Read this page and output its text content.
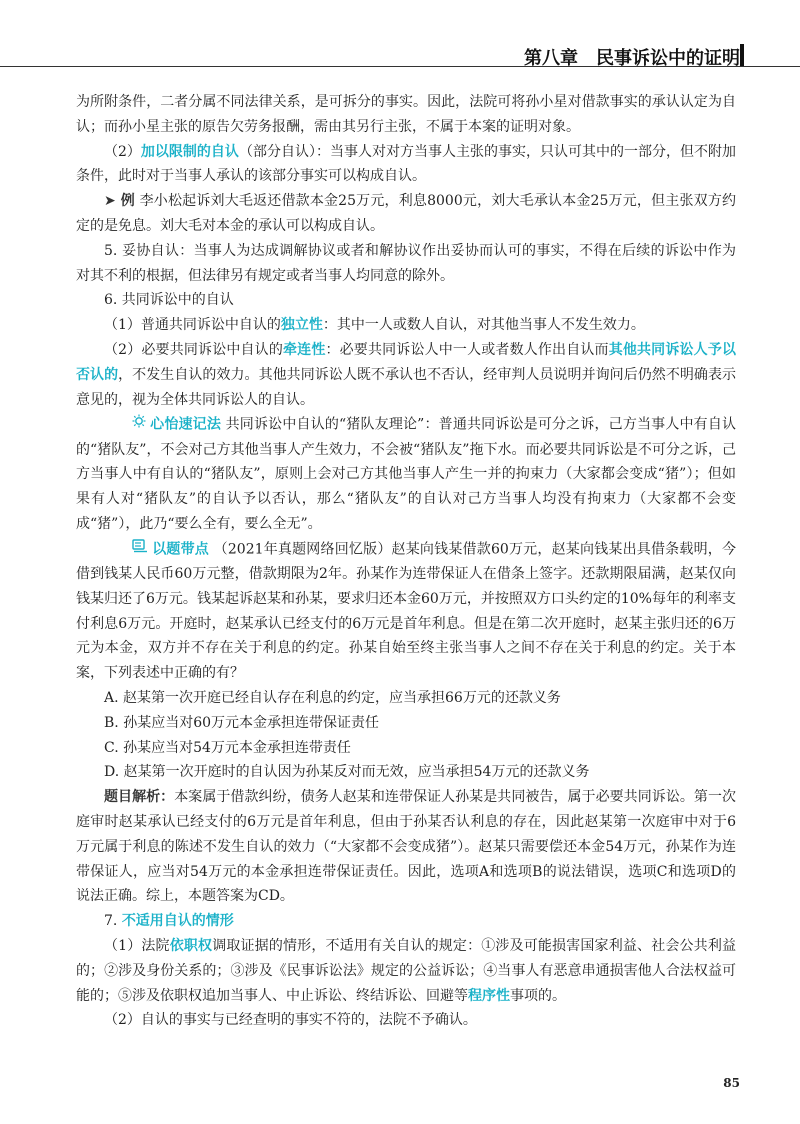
第八章　民事诉讼中的证明

为所附条件，二者分属不同法律关系，是可拆分的事实。因此，法院可将孙小星对借款事实的承认认定为自认；而孙小星主张的原告欠劳务报酬，需由其另行主张，不属于本案的证明对象。

（2）加以限制的自认（部分自认）：当事人对对方当事人主张的事实，只认可其中的一部分，但不附加条件，此时对于当事人承认的该部分事实可以构成自认。

➤ 例 李小松起诉刘大毛返还借款本金25万元，利息8000元，刘大毛承认本金25万元，但主张双方约定的是免息。刘大毛对本金的承认可以构成自认。

5. 妥协自认：当事人为达成调解协议或者和解协议作出妥协而认可的事实，不得在后续的诉讼中作为对其不利的根据，但法律另有规定或者当事人均同意的除外。

6. 共同诉讼中的自认

（1）普通共同诉讼中自认的独立性：其中一人或数人自认，对其他当事人不发生效力。

（2）必要共同诉讼中自认的牵连性：必要共同诉讼人中一人或者数人作出自认而其他共同诉讼人予以否认的，不发生自认的效力。其他共同诉讼人既不承认也不否认，经审判人员说明并询问后仍然不明确表示意见的，视为全体共同诉讼人的自认。

心怡速记法 共同诉讼中自认的“猪队友理论”：普通共同诉讼是可分之诉，己方当事人中有自认的“猪队友”，不会对己方其他当事人产生效力，不会被“猪队友”拖下水。而必要共同诉讼是不可分之诉，己方当事人中有自认的“猪队友”，原则上会对己方其他当事人产生一并的拘束力（大家都会变成“猪”）；但如果有人对“猪队友”的自认予以否认，那么“猪队友”的自认对己方当事人均没有拘束力（大家都不会变成“猪”），此乃“要么全有，要么全无”。

以题带点 （2021年真题网络回忆版）赵某向钱某借款60万元，赵某向钱某出具借条载明，今借到钱某人民币60万元整，借款期限为2年。孙某作为连带保证人在借条上签字。还款期限届满，赵某仅向钱某归还了6万元。钱某起诉赵某和孙某，要求归还本金60万元，并按照双方口头约定的10%每年的利率支付利息6万元。开庭时，赵某承认已经支付的6万元是首年利息。但是在第二次开庭时，赵某主张归还的6万元为本金，双方并不存在关于利息的约定。孙某自始至终主张当事人之间不存在关于利息的约定。关于本案，下列表述中正确的有？

A. 赵某第一次开庭已经自认存在利息的约定，应当承担66万元的还款义务

B. 孙某应当对60万元本金承担连带保证责任

C. 孙某应当对54万元本金承担连带责任

D. 赵某第一次开庭时的自认因为孙某反对而无效，应当承担54万元的还款义务

题目解析：本案属于借款纠纷，债务人赵某和连带保证人孙某是共同被告，属于必要共同诉讼。第一次庭审时赵某承认已经支付的6万元是首年利息，但由于孙某否认利息的存在，因此赵某第一次庭审中对于6万元属于利息的陈述不发生自认的效力（“大家都不会变成猪”）。赵某只需要偿还本金54万元，孙某作为连带保证人，应当对54万元的本金承担连带保证责任。因此，选项A和选项B的说法错误，选项C和选项D的说法正确。综上，本题答案为CD。

7. 不适用自认的情形

（1）法院依职权调取证据的情形，不适用有关自认的规定：①涉及可能损害国家利益、社会公共利益的；②涉及身份关系的；③涉及《民事诉讼法》规定的公益诉讼；④当事人有恶意串通损害他人合法权益可能的；⑤涉及依职权追加当事人、中止诉讼、终结诉讼、回避等程序性事项的。

（2）自认的事实与已经查明的事实不符的，法院不予确认。

85
